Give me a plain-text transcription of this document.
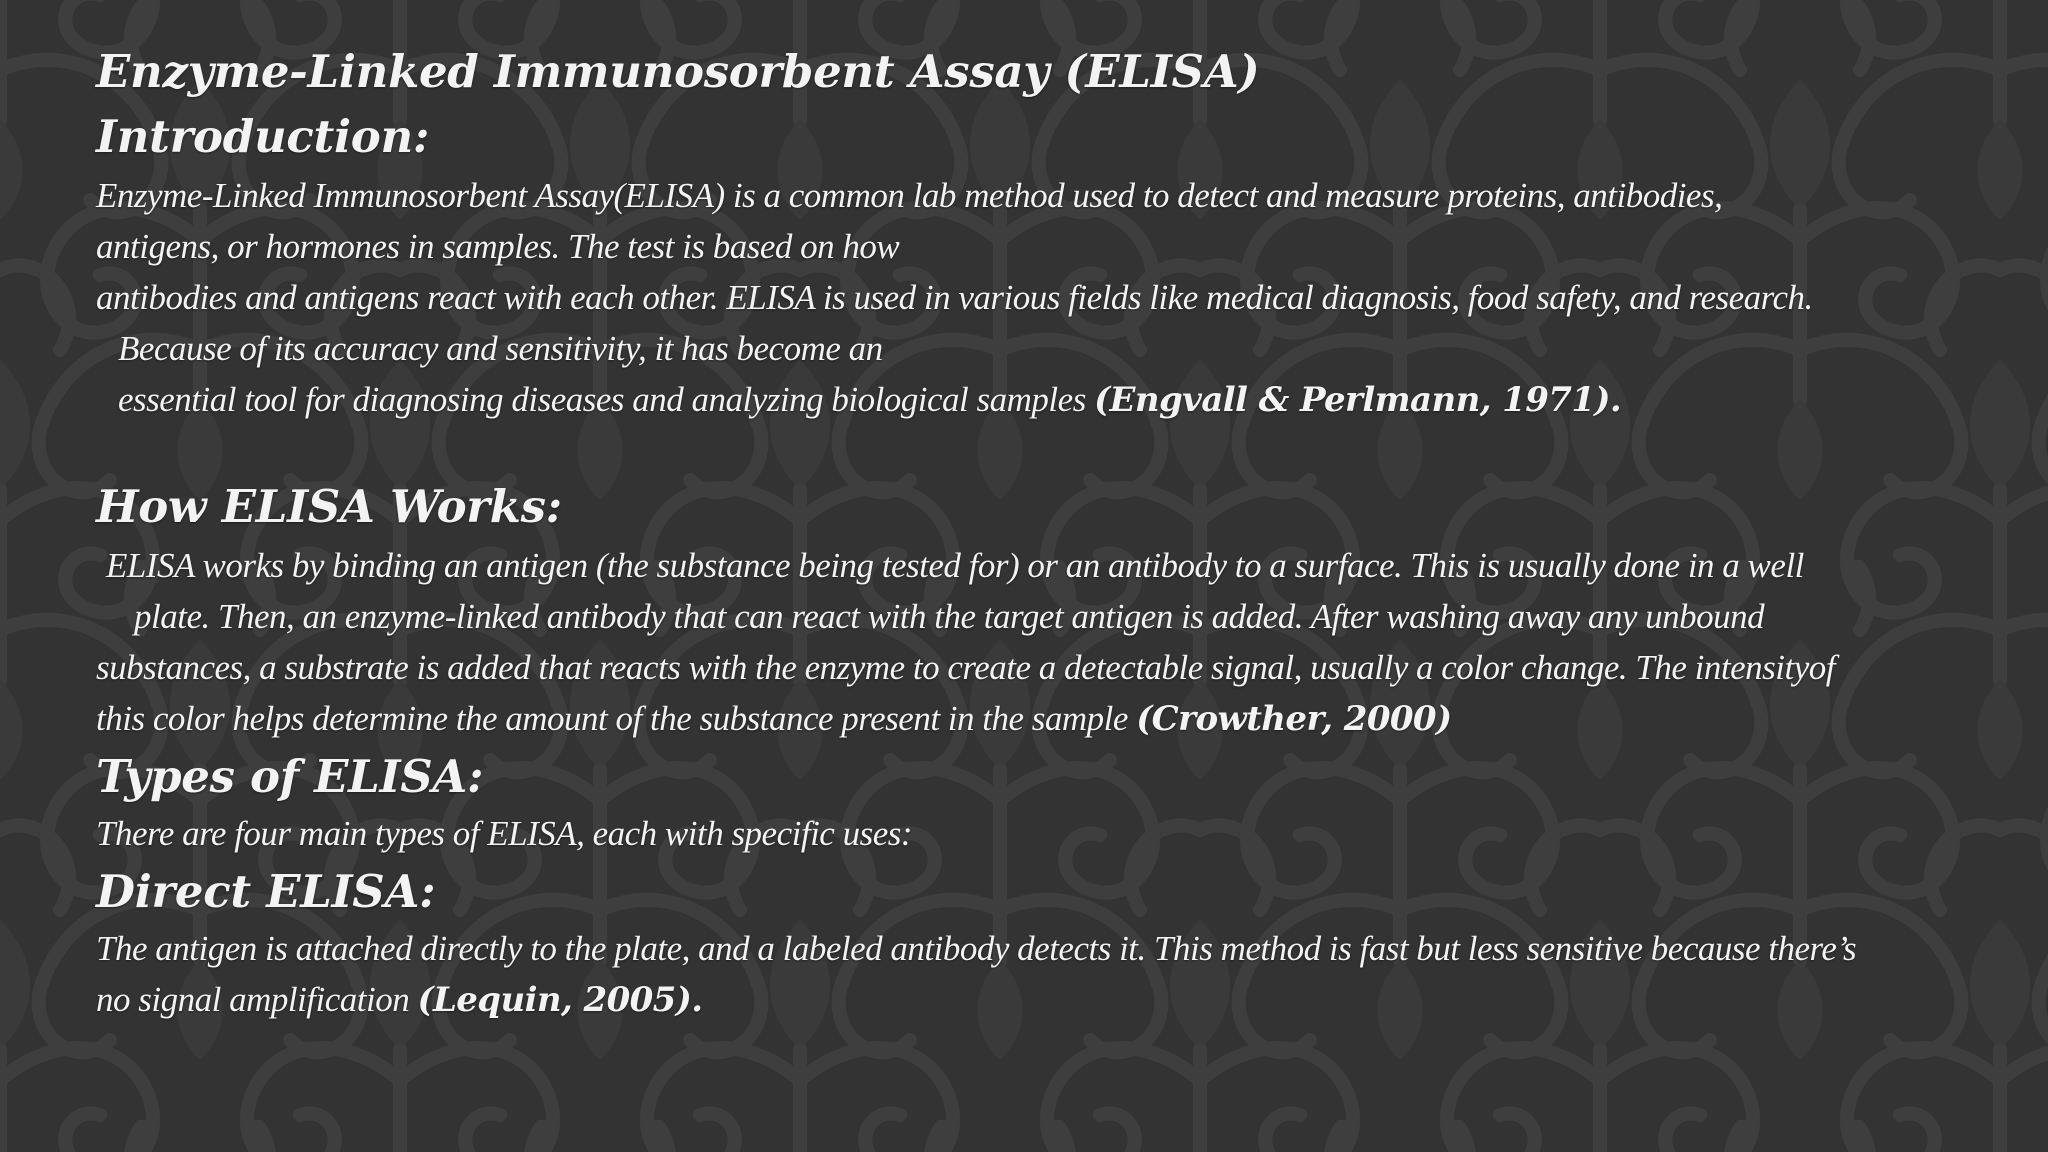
Enzyme-Linked Immunosorbent Assay (ELISA)
Introduction:
Enzyme-Linked Immunosorbent Assay(ELISA) is a common lab method used to detect and measure proteins, antibodies,
antigens, or hormones in samples. The test is based on how
antibodies and antigens react with each other. ELISA is used in various fields like medical diagnosis, food safety, and research.
Because of its accuracy and sensitivity, it has become an
essential tool for diagnosing diseases and analyzing biological samples (Engvall & Perlmann, 1971).
How ELISA Works:
ELISA works by binding an antigen (the substance being tested for) or an antibody to a surface. This is usually done in a well
plate. Then, an enzyme-linked antibody that can react with the target antigen is added. After washing away any unbound
substances, a substrate is added that reacts with the enzyme to create a detectable signal, usually a color change. The intensityof
this color helps determine the amount of the substance present in the sample (Crowther, 2000)
Types of ELISA:
There are four main types of ELISA, each with specific uses:
Direct ELISA:
The antigen is attached directly to the plate, and a labeled antibody detects it. This method is fast but less sensitive because there’s
no signal amplification (Lequin, 2005).
